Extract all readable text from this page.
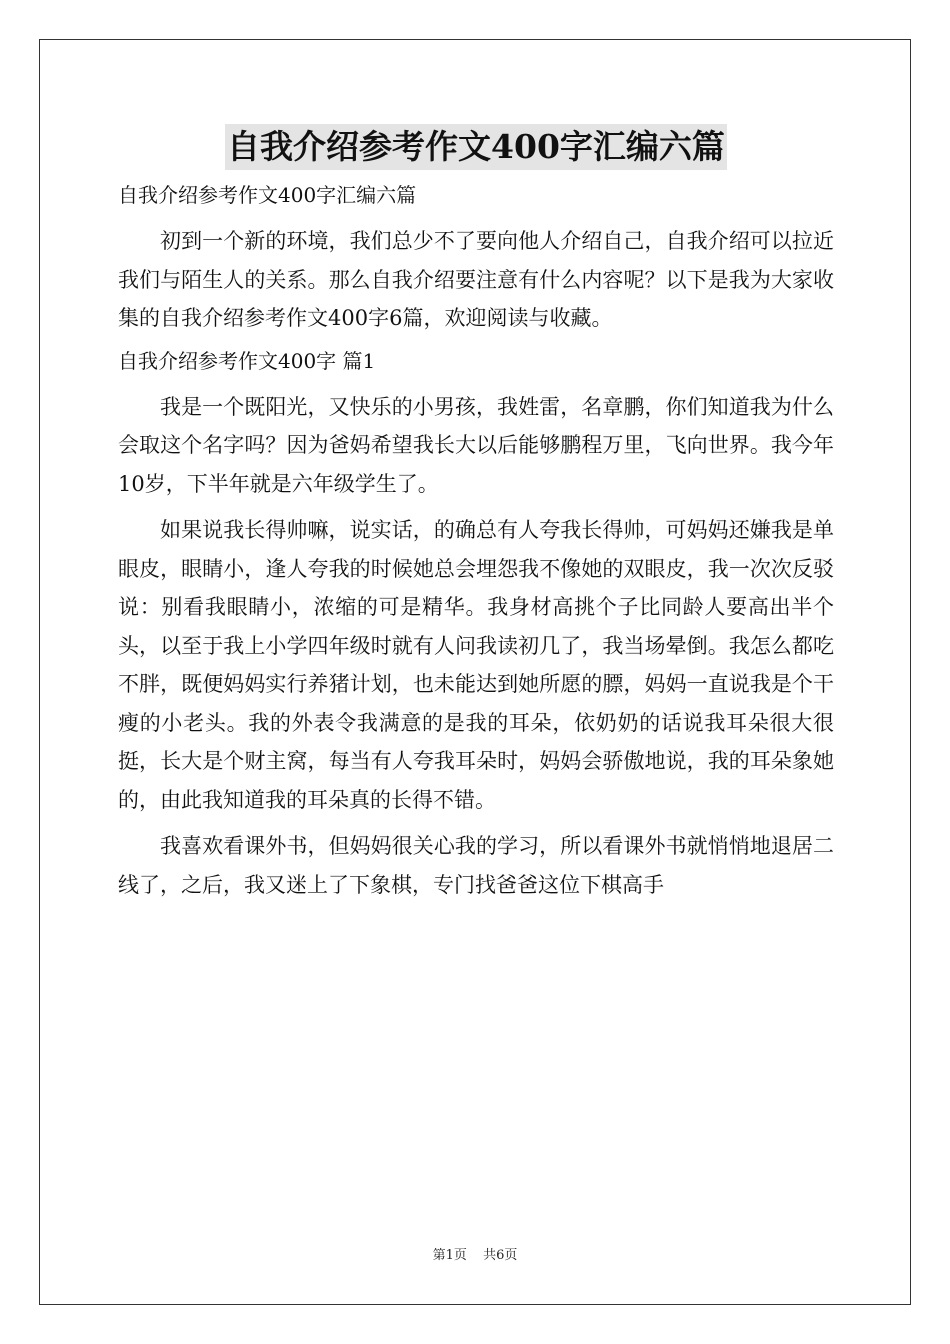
自我介绍参考作文400字汇编六篇

自我介绍参考作文400字汇编六篇

初到一个新的环境，我们总少不了要向他人介绍自己，自我介绍可以拉近我们与陌生人的关系。那么自我介绍要注意有什么内容呢？以下是我为大家收集的自我介绍参考作文400字6篇，欢迎阅读与收藏。

自我介绍参考作文400字 篇1

我是一个既阳光，又快乐的小男孩，我姓雷，名章鹏，你们知道我为什么会取这个名字吗？因为爸妈希望我长大以后能够鹏程万里，飞向世界。我今年10岁，下半年就是六年级学生了。

如果说我长得帅嘛，说实话，的确总有人夸我长得帅，可妈妈还嫌我是单眼皮，眼睛小，逢人夸我的时候她总会埋怨我不像她的双眼皮，我一次次反驳说：别看我眼睛小，浓缩的可是精华。我身材高挑个子比同龄人要高出半个头，以至于我上小学四年级时就有人问我读初几了，我当场晕倒。我怎么都吃不胖，既便妈妈实行养猪计划，也未能达到她所愿的膘，妈妈一直说我是个干瘦的小老头。我的外表令我满意的是我的耳朵，依奶奶的话说我耳朵很大很挺，长大是个财主窝，每当有人夸我耳朵时，妈妈会骄傲地说，我的耳朵象她的，由此我知道我的耳朵真的长得不错。

我喜欢看课外书，但妈妈很关心我的学习，所以看课外书就悄悄地退居二线了，之后，我又迷上了下象棋，专门找爸爸这位下棋高手

第1页 共6页
